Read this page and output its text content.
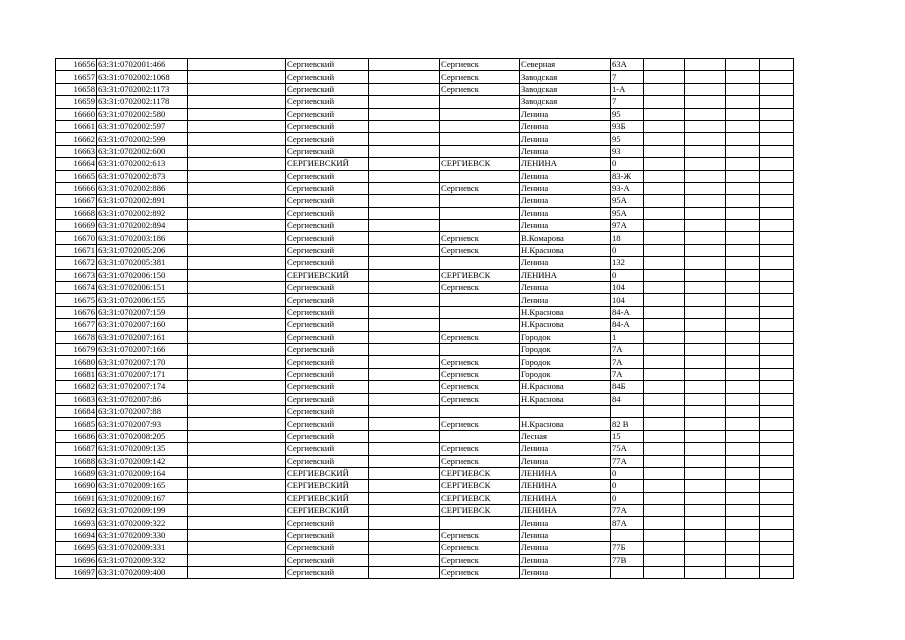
16656	63:31:0702001:466		Сергиевский		Сергиевск	Северная	63А				
16657	63:31:0702002:1068		Сергиевский		Сергиевск	Заводская	7				
16658	63:31:0702002:1173		Сергиевский		Сергиевск	Заводская	1-А				
16659	63:31:0702002:1178		Сергиевский			Заводская	7				
16660	63:31:0702002:580		Сергиевский			Ленина	95				
16661	63:31:0702002:597		Сергиевский			Ленина	93Б				
16662	63:31:0702002:599		Сергиевский			Ленина	95				
16663	63:31:0702002:600		Сергиевский			Ленина	93				
16664	63:31:0702002:613		СЕРГИЕВСКИЙ		СЕРГИЕВСК	ЛЕНИНА	0				
16665	63:31:0702002:873		Сергиевский			Ленина	83-Ж				
16666	63:31:0702002:886		Сергиевский		Сергиевск	Ленина	93-А				
16667	63:31:0702002:891		Сергиевский			Ленина	95А				
16668	63:31:0702002:892		Сергиевский			Ленина	95А				
16669	63:31:0702002:894		Сергиевский			Ленина	97А				
16670	63:31:0702003:186		Сергиевский		Сергиевск	В.Комарова	18				
16671	63:31:0702005:206		Сергиевский		Сергиевск	Н.Краснова	0				
16672	63:31:0702005:381		Сергиевский			Ленина	132				
16673	63:31:0702006:150		СЕРГИЕВСКИЙ		СЕРГИЕВСК	ЛЕНИНА	0				
16674	63:31:0702006:151		Сергиевский		Сергиевск	Ленина	104				
16675	63:31:0702006:155		Сергиевский			Ленина	104				
16676	63:31:0702007:159		Сергиевский			Н.Краснова	84-А				
16677	63:31:0702007:160		Сергиевский			Н.Краснова	84-А				
16678	63:31:0702007:161		Сергиевский		Сергиевск	Городок	1				
16679	63:31:0702007:166		Сергиевский			Городок	7А				
16680	63:31:0702007:170		Сергиевский		Сергиевск	Городок	7А				
16681	63:31:0702007:171		Сергиевский		Сергиевск	Городок	7А				
16682	63:31:0702007:174		Сергиевский		Сергиевск	Н.Краснова	84Б				
16683	63:31:0702007:86		Сергиевский		Сергиевск	Н.Краснова	84				
16684	63:31:0702007:88		Сергиевский								
16685	63:31:0702007:93		Сергиевский		Сергиевск	Н.Краснова	82 В				
16686	63:31:0702008:205		Сергиевский			Лесная	15				
16687	63:31:0702009:135		Сергиевский		Сергиевск	Ленина	75А				
16688	63:31:0702009:142		Сергиевский		Сергиевск	Ленина	77А				
16689	63:31:0702009:164		СЕРГИЕВСКИЙ		СЕРГИЕВСК	ЛЕНИНА	0				
16690	63:31:0702009:165		СЕРГИЕВСКИЙ		СЕРГИЕВСК	ЛЕНИНА	0				
16691	63:31:0702009:167		СЕРГИЕВСКИЙ		СЕРГИЕВСК	ЛЕНИНА	0				
16692	63:31:0702009:199		СЕРГИЕВСКИЙ		СЕРГИЕВСК	ЛЕНИНА	77А				
16693	63:31:0702009:322		Сергиевский			Ленина	87А				
16694	63:31:0702009:330		Сергиевский		Сергиевск	Ленина					
16695	63:31:0702009:331		Сергиевский		Сергиевск	Ленина	77Б				
16696	63:31:0702009:332		Сергиевский		Сергиевск	Ленина	77В				
16697	63:31:0702009:400		Сергиевский		Сергиевск	Ленина					
